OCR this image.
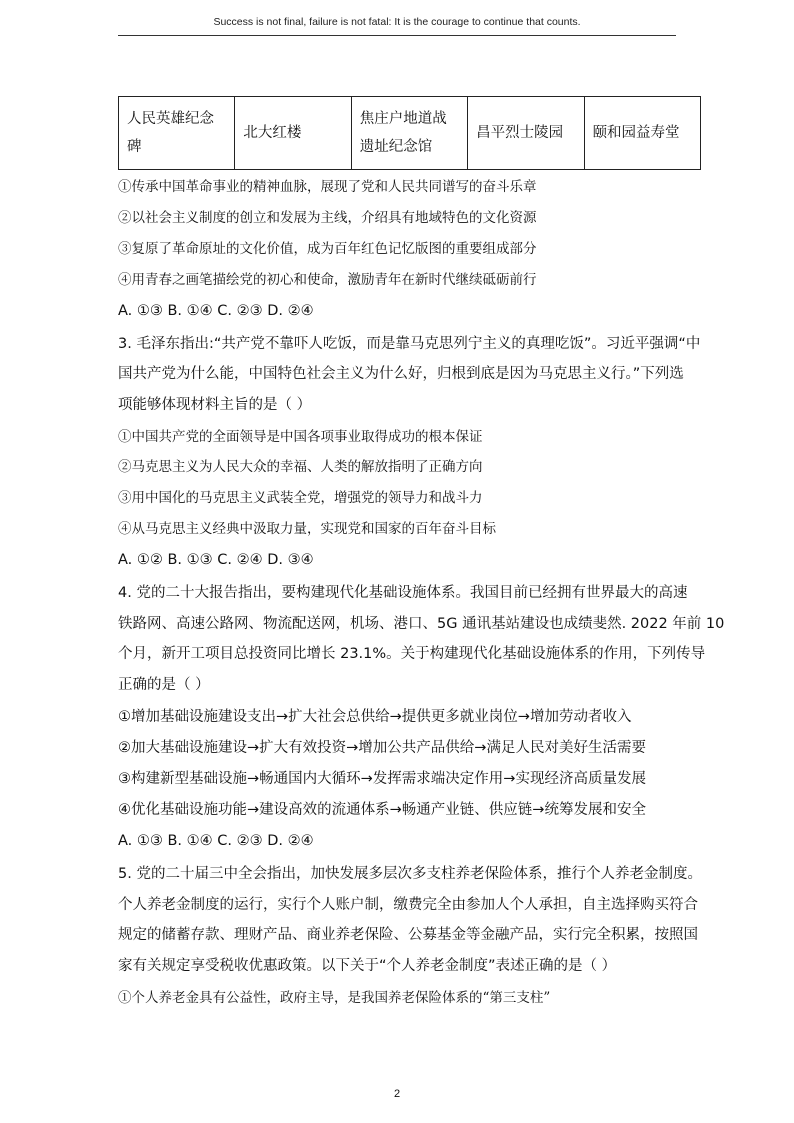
Success is not final, failure is not fatal: It is the courage to continue that counts.
人民英雄纪念碑	北大红楼	焦庄户地道战遗址纪念馆	昌平烈士陵园	颐和园益寿堂
①传承中国革命事业的精神血脉，展现了党和人民共同谱写的奋斗乐章
②以社会主义制度的创立和发展为主线，介绍具有地域特色的文化资源
③复原了革命原址的文化价值，成为百年红色记忆版图的重要组成部分
④用青春之画笔描绘党的初心和使命，激励青年在新时代继续砥砺前行
A. ①③ B. ①④ C. ②③ D. ②④
3. 毛泽东指出:“共产党不靠吓人吃饭，而是靠马克思列宁主义的真理吃饭”。习近平强调“中
国共产党为什么能，中国特色社会主义为什么好，归根到底是因为马克思主义行。”下列选
项能够体现材料主旨的是（ ）
①中国共产党的全面领导是中国各项事业取得成功的根本保证
②马克思主义为人民大众的幸福、人类的解放指明了正确方向
③用中国化的马克思主义武装全党，增强党的领导力和战斗力
④从马克思主义经典中汲取力量，实现党和国家的百年奋斗目标
A. ①② B. ①③ C. ②④ D. ③④
4. 党的二十大报告指出，要构建现代化基础设施体系。我国目前已经拥有世界最大的高速
铁路网、高速公路网、物流配送网，机场、港口、5G 通讯基站建设也成绩斐然. 2022 年前 10
个月，新开工项目总投资同比增长 23.1%。关于构建现代化基础设施体系的作用，下列传导
正确的是（ ）
①增加基础设施建设支出→扩大社会总供给→提供更多就业岗位→增加劳动者收入
②加大基础设施建设→扩大有效投资→增加公共产品供给→满足人民对美好生活需要
③构建新型基础设施→畅通国内大循环→发挥需求端决定作用→实现经济高质量发展
④优化基础设施功能→建设高效的流通体系→畅通产业链、供应链→统筹发展和安全
A. ①③ B. ①④ C. ②③ D. ②④
5. 党的二十届三中全会指出，加快发展多层次多支柱养老保险体系，推行个人养老金制度。
个人养老金制度的运行，实行个人账户制，缴费完全由参加人个人承担，自主选择购买符合
规定的储蓄存款、理财产品、商业养老保险、公募基金等金融产品，实行完全积累，按照国
家有关规定享受税收优惠政策。以下关于“个人养老金制度”表述正确的是（ ）
①个人养老金具有公益性，政府主导，是我国养老保险体系的“第三支柱”
2
